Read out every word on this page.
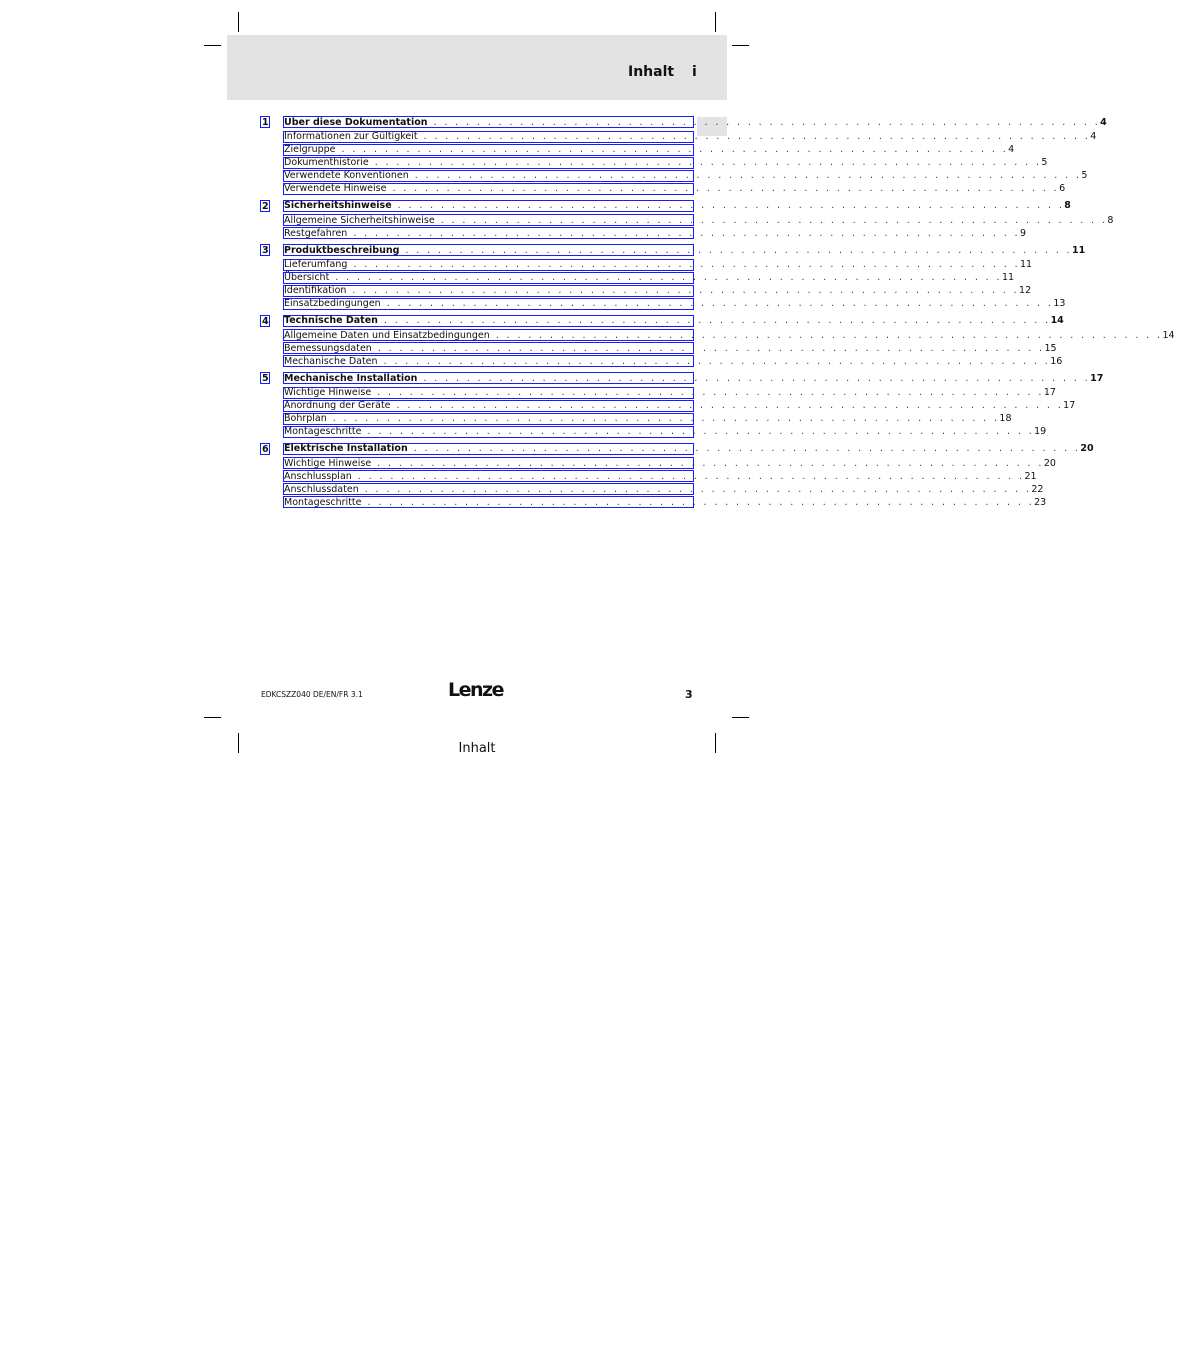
Inhalt i
1 Über diese Dokumentation . . . . . . . . . . . . . . . . . . . . . . . . . . . . . . . . . . . . . . . . . . . . . . . . . . . . . . . . . . . . . . 4
Informationen zur Gültigkeit . . . . . . . . . . . . . . . . . . . . . . . . . . . . . . . . . . . . . . . . . . . . . . . . . . . . . . . . . . . . . . 4
Zielgruppe . . . . . . . . . . . . . . . . . . . . . . . . . . . . . . . . . . . . . . . . . . . . . . . . . . . . . . . . . . . . . . 4
Dokumenthistorie . . . . . . . . . . . . . . . . . . . . . . . . . . . . . . . . . . . . . . . . . . . . . . . . . . . . . . . . . . . . . . 5
Verwendete Konventionen . . . . . . . . . . . . . . . . . . . . . . . . . . . . . . . . . . . . . . . . . . . . . . . . . . . . . . . . . . . . . . 5
Verwendete Hinweise . . . . . . . . . . . . . . . . . . . . . . . . . . . . . . . . . . . . . . . . . . . . . . . . . . . . . . . . . . . . . . 6
2 Sicherheitshinweise . . . . . . . . . . . . . . . . . . . . . . . . . . . . . . . . . . . . . . . . . . . . . . . . . . . . . . . . . . . . . . 8
Allgemeine Sicherheitshinweise . . . . . . . . . . . . . . . . . . . . . . . . . . . . . . . . . . . . . . . . . . . . . . . . . . . . . . . . . . . . . . 8
Restgefahren . . . . . . . . . . . . . . . . . . . . . . . . . . . . . . . . . . . . . . . . . . . . . . . . . . . . . . . . . . . . . . 9
3 Produktbeschreibung . . . . . . . . . . . . . . . . . . . . . . . . . . . . . . . . . . . . . . . . . . . . . . . . . . . . . . . . . . . . . . 11
Lieferumfang . . . . . . . . . . . . . . . . . . . . . . . . . . . . . . . . . . . . . . . . . . . . . . . . . . . . . . . . . . . . . . 11
Übersicht . . . . . . . . . . . . . . . . . . . . . . . . . . . . . . . . . . . . . . . . . . . . . . . . . . . . . . . . . . . . . . 11
Identifikation . . . . . . . . . . . . . . . . . . . . . . . . . . . . . . . . . . . . . . . . . . . . . . . . . . . . . . . . . . . . . . 12
Einsatzbedingungen . . . . . . . . . . . . . . . . . . . . . . . . . . . . . . . . . . . . . . . . . . . . . . . . . . . . . . . . . . . . . . 13
4 Technische Daten . . . . . . . . . . . . . . . . . . . . . . . . . . . . . . . . . . . . . . . . . . . . . . . . . . . . . . . . . . . . . . 14
Allgemeine Daten und Einsatzbedingungen . . . . . . . . . . . . . . . . . . . . . . . . . . . . . . . . . . . . . . . . . . . . . . . . . . . . . . . . . . . . . . 14
Bemessungsdaten . . . . . . . . . . . . . . . . . . . . . . . . . . . . . . . . . . . . . . . . . . . . . . . . . . . . . . . . . . . . . . 15
Mechanische Daten . . . . . . . . . . . . . . . . . . . . . . . . . . . . . . . . . . . . . . . . . . . . . . . . . . . . . . . . . . . . . . 16
5 Mechanische Installation . . . . . . . . . . . . . . . . . . . . . . . . . . . . . . . . . . . . . . . . . . . . . . . . . . . . . . . . . . . . . . 17
Wichtige Hinweise . . . . . . . . . . . . . . . . . . . . . . . . . . . . . . . . . . . . . . . . . . . . . . . . . . . . . . . . . . . . . . 17
Anordnung der Geräte . . . . . . . . . . . . . . . . . . . . . . . . . . . . . . . . . . . . . . . . . . . . . . . . . . . . . . . . . . . . . . 17
Bohrplan . . . . . . . . . . . . . . . . . . . . . . . . . . . . . . . . . . . . . . . . . . . . . . . . . . . . . . . . . . . . . . 18
Montageschritte . . . . . . . . . . . . . . . . . . . . . . . . . . . . . . . . . . . . . . . . . . . . . . . . . . . . . . . . . . . . . . 19
6 Elektrische Installation . . . . . . . . . . . . . . . . . . . . . . . . . . . . . . . . . . . . . . . . . . . . . . . . . . . . . . . . . . . . . . 20
Wichtige Hinweise . . . . . . . . . . . . . . . . . . . . . . . . . . . . . . . . . . . . . . . . . . . . . . . . . . . . . . . . . . . . . . 20
Anschlussplan . . . . . . . . . . . . . . . . . . . . . . . . . . . . . . . . . . . . . . . . . . . . . . . . . . . . . . . . . . . . . . 21
Anschlussdaten . . . . . . . . . . . . . . . . . . . . . . . . . . . . . . . . . . . . . . . . . . . . . . . . . . . . . . . . . . . . . . 22
Montageschritte . . . . . . . . . . . . . . . . . . . . . . . . . . . . . . . . . . . . . . . . . . . . . . . . . . . . . . . . . . . . . . 23
EDKCSZZ040 DE/EN/FR 3.1	Lenze	3
Inhalt
